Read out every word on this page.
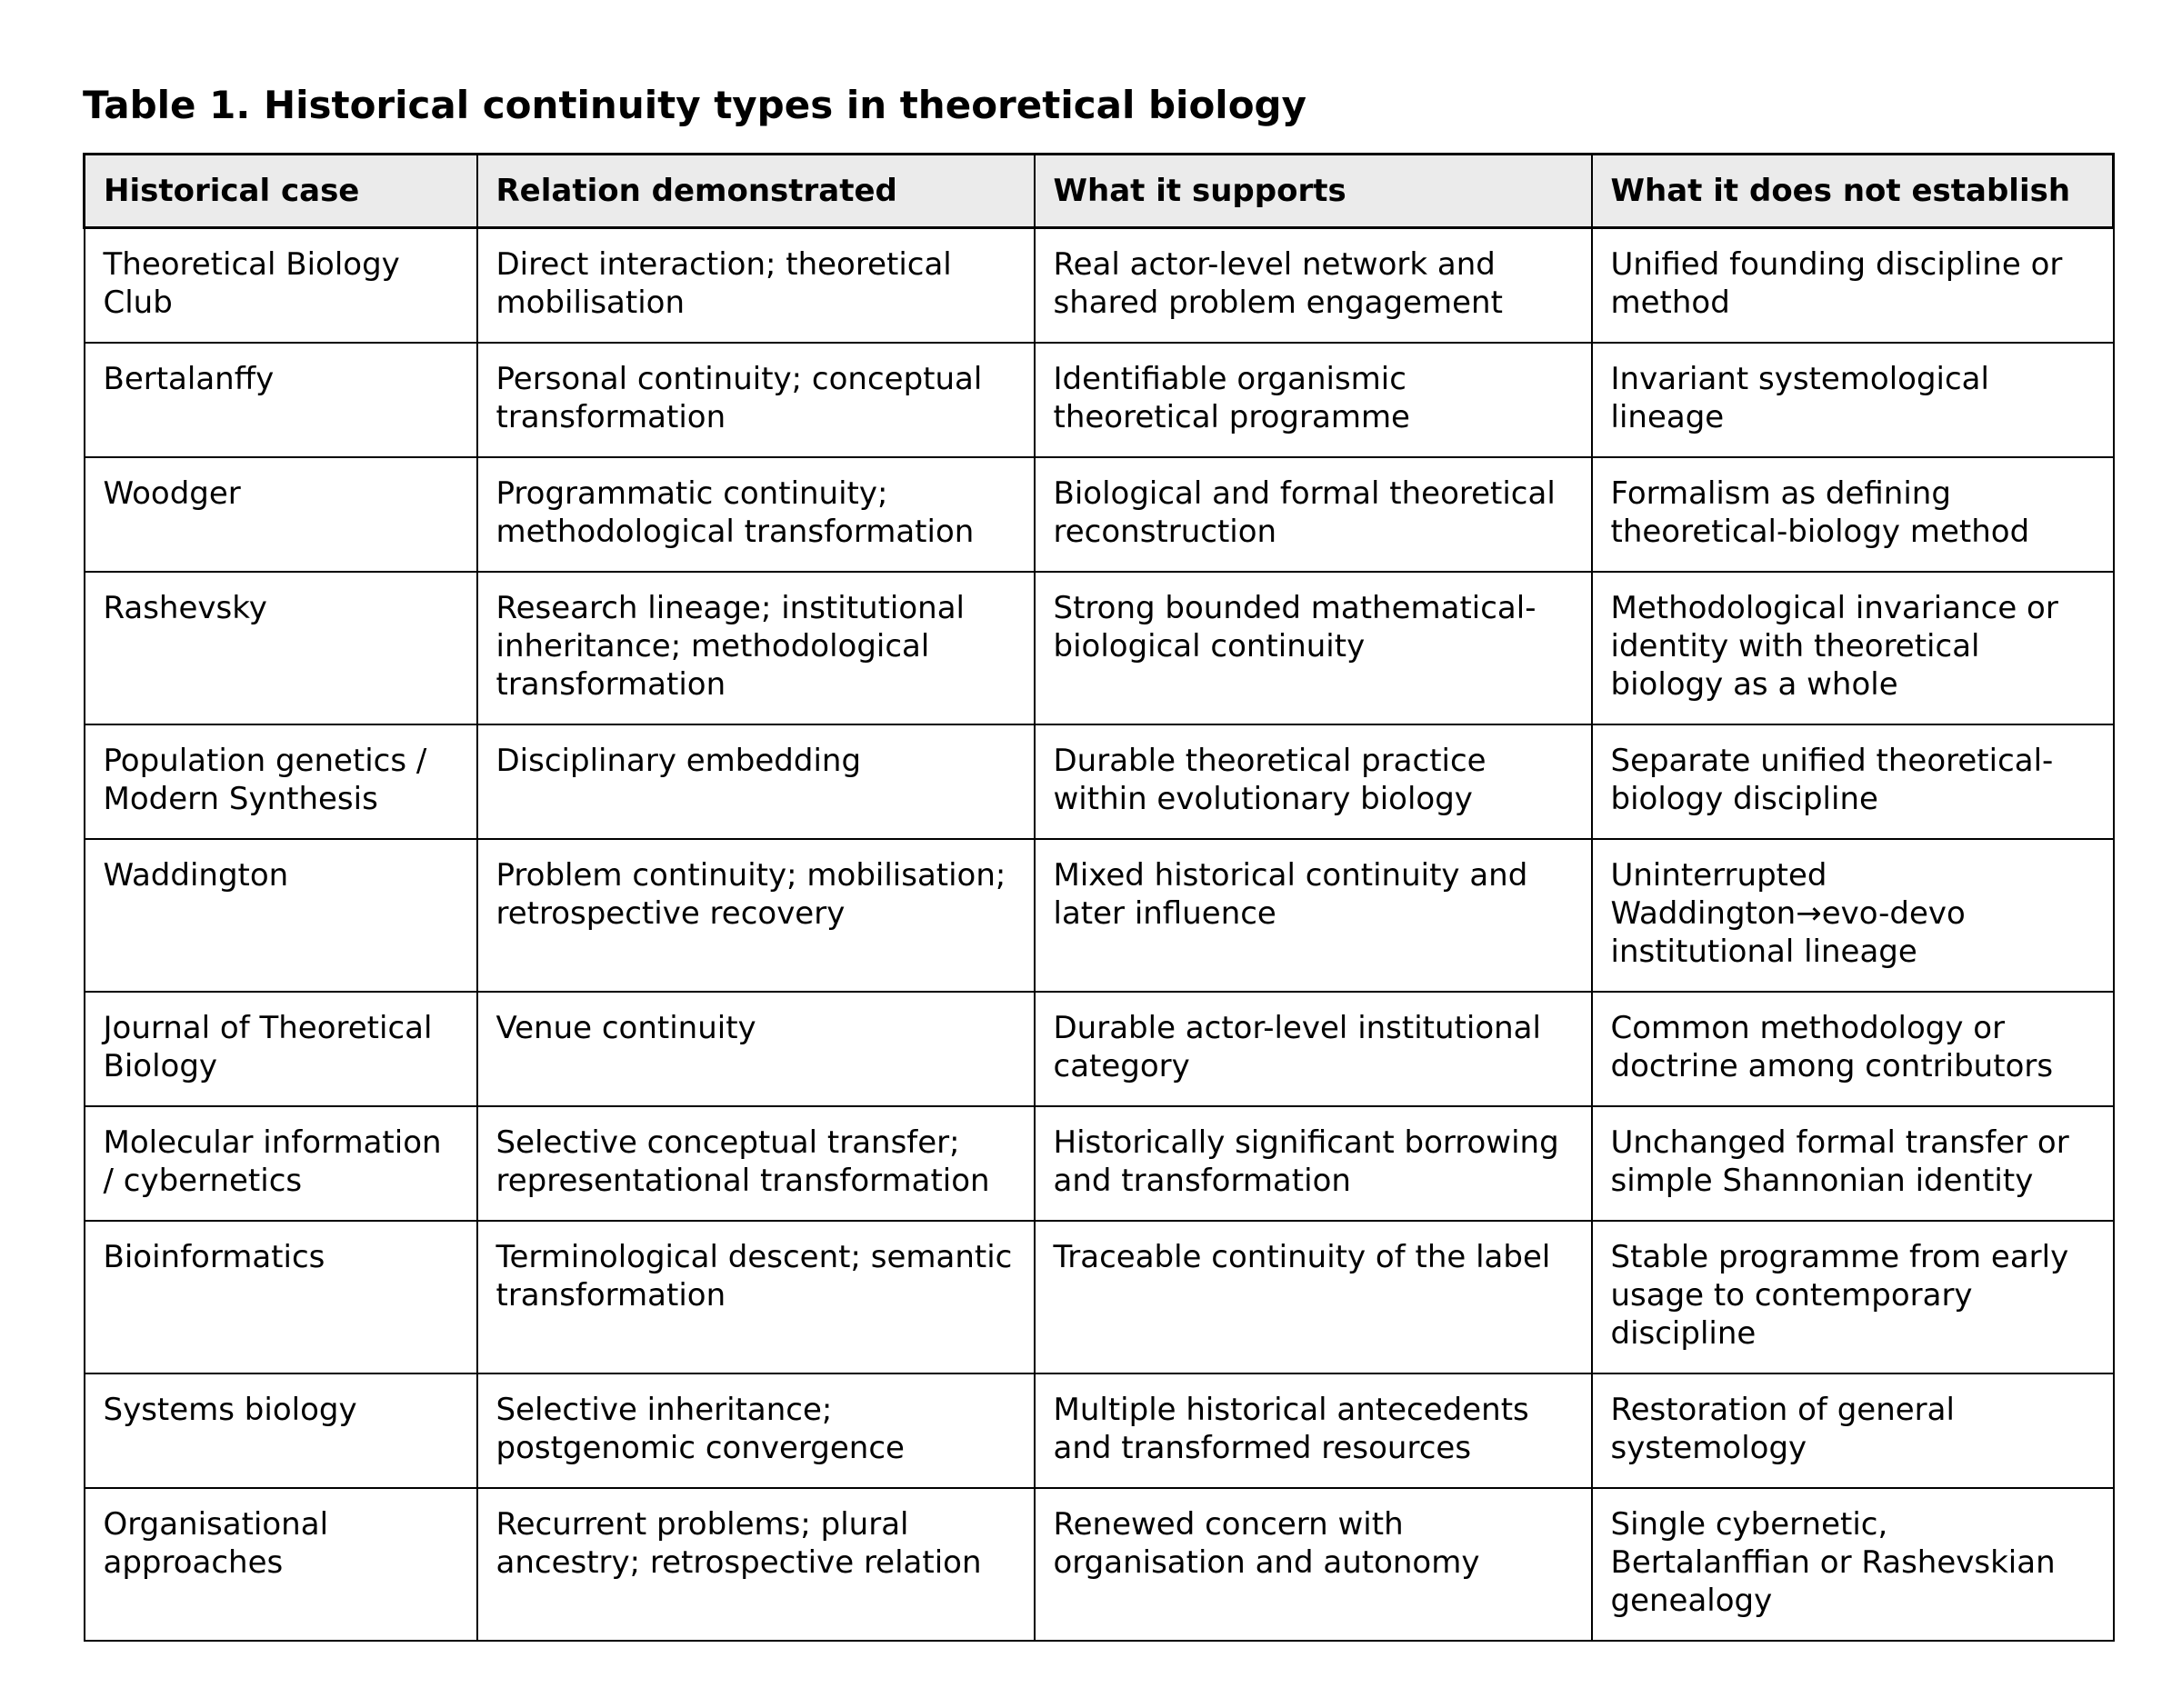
Table 1. Historical continuity types in theoretical biology
Historical case	Relation demonstrated	What it supports	What it does not establish
Theoretical Biology Club	Direct interaction; theoretical mobilisation	Real actor-level network and shared problem engagement	Unified founding discipline or method
Bertalanffy	Personal continuity; conceptual transformation	Identifiable organismic theoretical programme	Invariant systemological lineage
Woodger	Programmatic continuity; methodological transformation	Biological and formal theoretical reconstruction	Formalism as defining theoretical-biology method
Rashevsky	Research lineage; institutional inheritance; methodological transformation	Strong bounded mathematical-biological continuity	Methodological invariance or identity with theoretical biology as a whole
Population genetics / Modern Synthesis	Disciplinary embedding	Durable theoretical practice within evolutionary biology	Separate unified theoretical-biology discipline
Waddington	Problem continuity; mobilisation; retrospective recovery	Mixed historical continuity and later influence	Uninterrupted Waddington→evo-devo institutional lineage
Journal of Theoretical Biology	Venue continuity	Durable actor-level institutional category	Common methodology or doctrine among contributors
Molecular information / cybernetics	Selective conceptual transfer; representational transformation	Historically significant borrowing and transformation	Unchanged formal transfer or simple Shannonian identity
Bioinformatics	Terminological descent; semantic transformation	Traceable continuity of the label	Stable programme from early usage to contemporary discipline
Systems biology	Selective inheritance; postgenomic convergence	Multiple historical antecedents and transformed resources	Restoration of general systemology
Organisational approaches	Recurrent problems; plural ancestry; retrospective relation	Renewed concern with organisation and autonomy	Single cybernetic, Bertalanffian or Rashevskian genealogy
